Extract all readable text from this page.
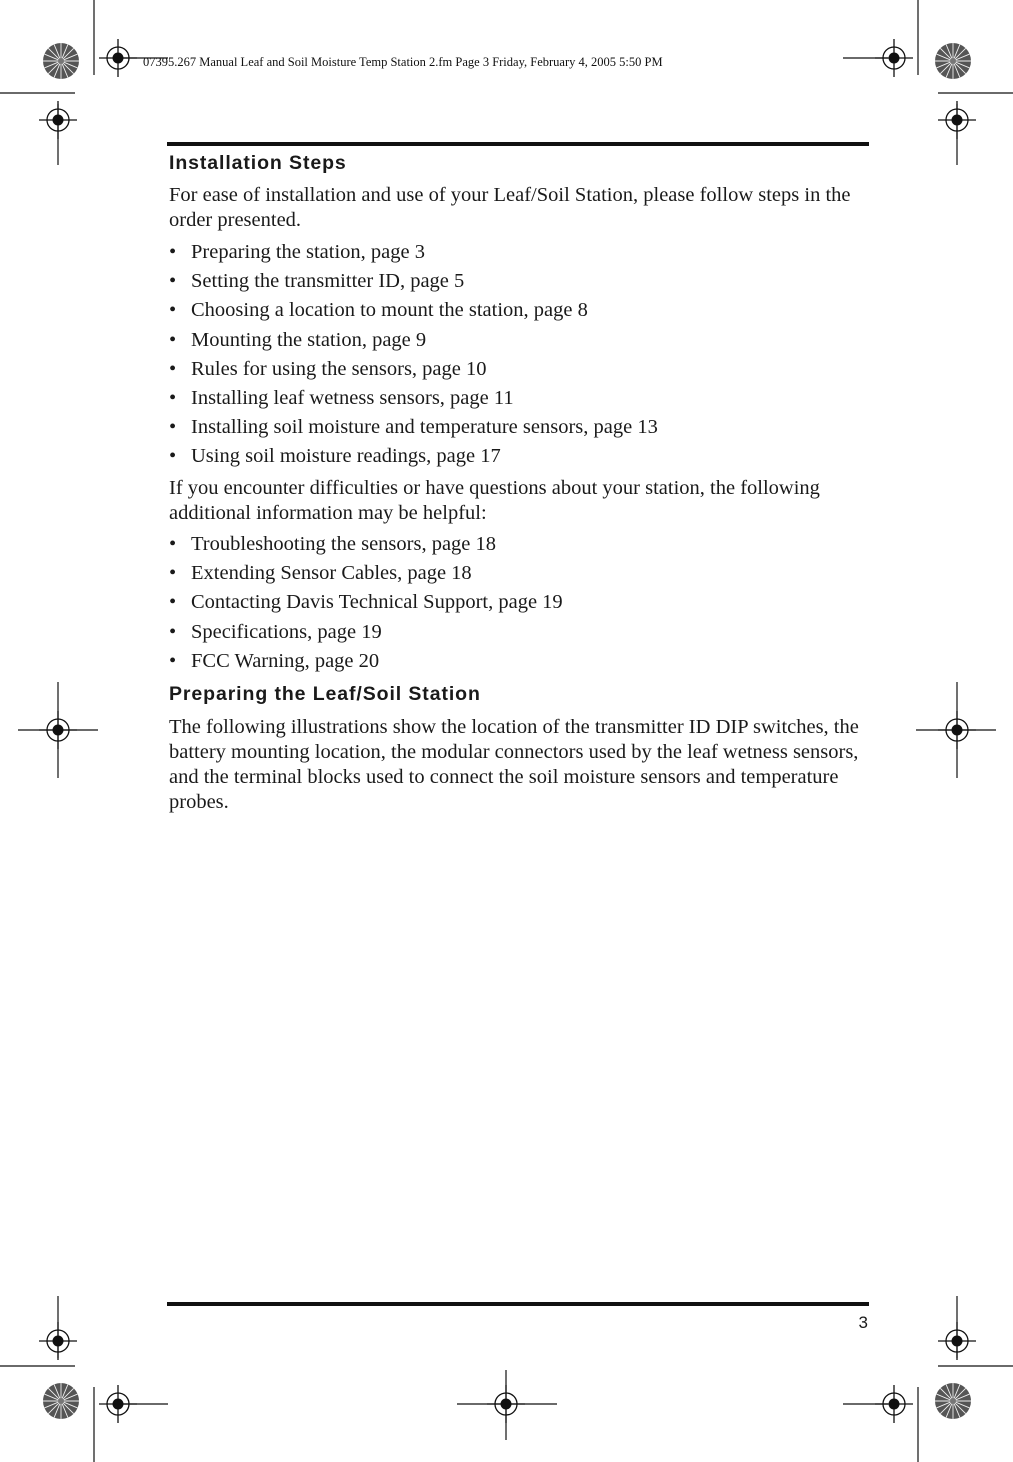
07395.267 Manual Leaf and Soil Moisture Temp Station 2.fm Page 3 Friday, February 4, 2005 5:50 PM
Installation Steps

For ease of installation and use of your Leaf/Soil Station, please follow steps in the order presented.

• Preparing the station, page 3
• Setting the transmitter ID, page 5
• Choosing a location to mount the station, page 8
• Mounting the station, page 9
• Rules for using the sensors, page 10
• Installing leaf wetness sensors, page 11
• Installing soil moisture and temperature sensors, page 13
• Using soil moisture readings, page 17

If you encounter difficulties or have questions about your station, the following additional information may be helpful:

• Troubleshooting the sensors, page 18
• Extending Sensor Cables, page 18
• Contacting Davis Technical Support, page 19
• Specifications, page 19
• FCC Warning, page 20
Preparing the Leaf/Soil Station

The following illustrations show the location of the transmitter ID DIP switches, the battery mounting location, the modular connectors used by the leaf wetness sensors, and the terminal blocks used to connect the soil moisture sensors and temperature probes.

3
